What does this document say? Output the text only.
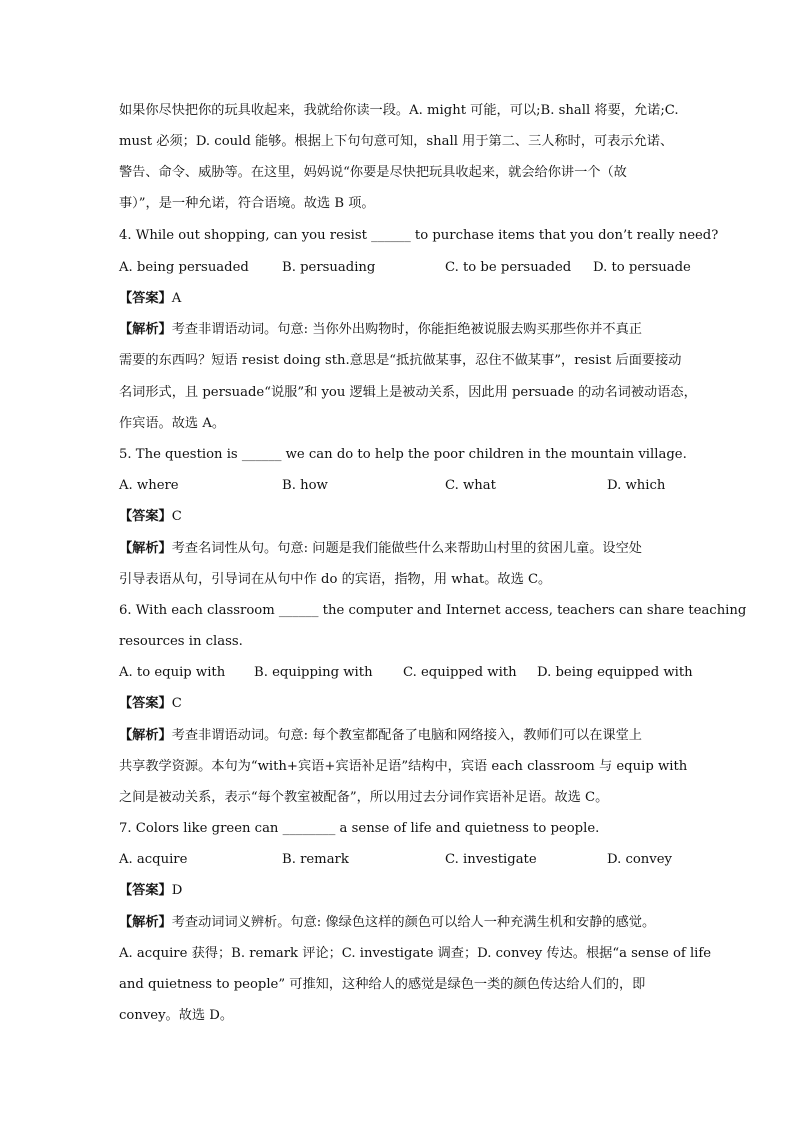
如果你尽快把你的玩具收起来，我就给你读一段。A. might 可能，可以;B. shall 将要，允诺;C.
must 必须；D. could 能够。根据上下句句意可知，shall 用于第二、三人称时，可表示允诺、
警告、命令、威胁等。在这里，妈妈说“你要是尽快把玩具收起来，就会给你讲一个（故
事）”，是一种允诺，符合语境。故选 B 项。
4. While out shopping, can you resist ______ to purchase items that you don’t really need?
A. being persuaded	B. persuading	C. to be persuaded D. to persuade
【答案】A
【解析】考查非谓语动词。句意: 当你外出购物时，你能拒绝被说服去购买那些你并不真正
需要的东西吗？短语 resist doing sth.意思是“抵抗做某事，忍住不做某事”，resist 后面要接动
名词形式，且 persuade“说服”和 you 逻辑上是被动关系，因此用 persuade 的动名词被动语态，
作宾语。故选 A。
5. The question is ______ we can do to help the poor children in the mountain village.
A. where	B. how	C. what	D. which
【答案】C
【解析】考查名词性从句。句意: 问题是我们能做些什么来帮助山村里的贫困儿童。设空处
引导表语从句，引导词在从句中作 do 的宾语，指物，用 what。故选 C。
6. With each classroom ______ the computer and Internet access, teachers can share teaching
resources in class.
A. to equip with B. equipping with C. equipped with D. being equipped with
【答案】C
【解析】考查非谓语动词。句意: 每个教室都配备了电脑和网络接入，教师们可以在课堂上
共享教学资源。本句为“with+宾语+宾语补足语”结构中，宾语 each classroom 与 equip with
之间是被动关系，表示“每个教室被配备”，所以用过去分词作宾语补足语。故选 C。
7. Colors like green can ________ a sense of life and quietness to people.
A. acquire	B. remark	C. investigate	D. convey
【答案】D
【解析】考查动词词义辨析。句意: 像绿色这样的颜色可以给人一种充满生机和安静的感觉。
A. acquire 获得；B. remark 评论；C. investigate 调查；D. convey 传达。根据“a sense of life
and quietness to people” 可推知，这种给人的感觉是绿色一类的颜色传达给人们的，即
convey。故选 D。
